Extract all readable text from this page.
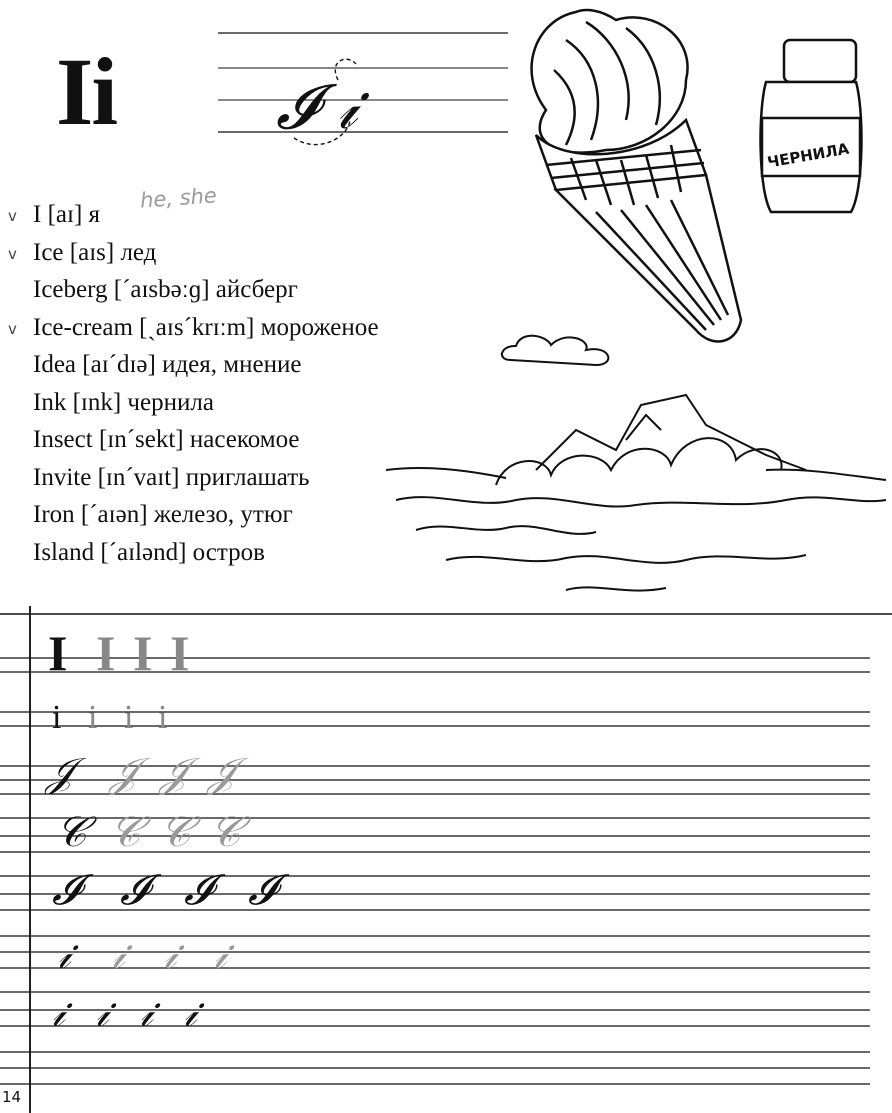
Ii	𝓘 𝒾
v I [aɪ] я
v Ice [aɪs] лед
Iceberg [ˊaɪsbəːɡ] айсберг
v Ice-cream [ˏaɪsˊkrɪːm] мороженое
Idea [aɪˊdɪə] идея, мнение
Ink [ɪnk] чернила
Insect [ɪnˊsekt] насекомое
Invite [ɪnˊvaɪt] приглашать
Iron [ˊaɪən] железо, утюг
Island [ˊaɪlənd] остров
he, she
ЧЕРНИЛА
I I I I
i i i i
𝒥 𝒥 𝒥 𝒥
𝒞 𝒞 𝒞 𝒞
𝓘 𝓘 𝓘 𝓘
𝒾 𝒾 𝒾 𝒾
𝒾 𝒾 𝒾 𝒾
14
